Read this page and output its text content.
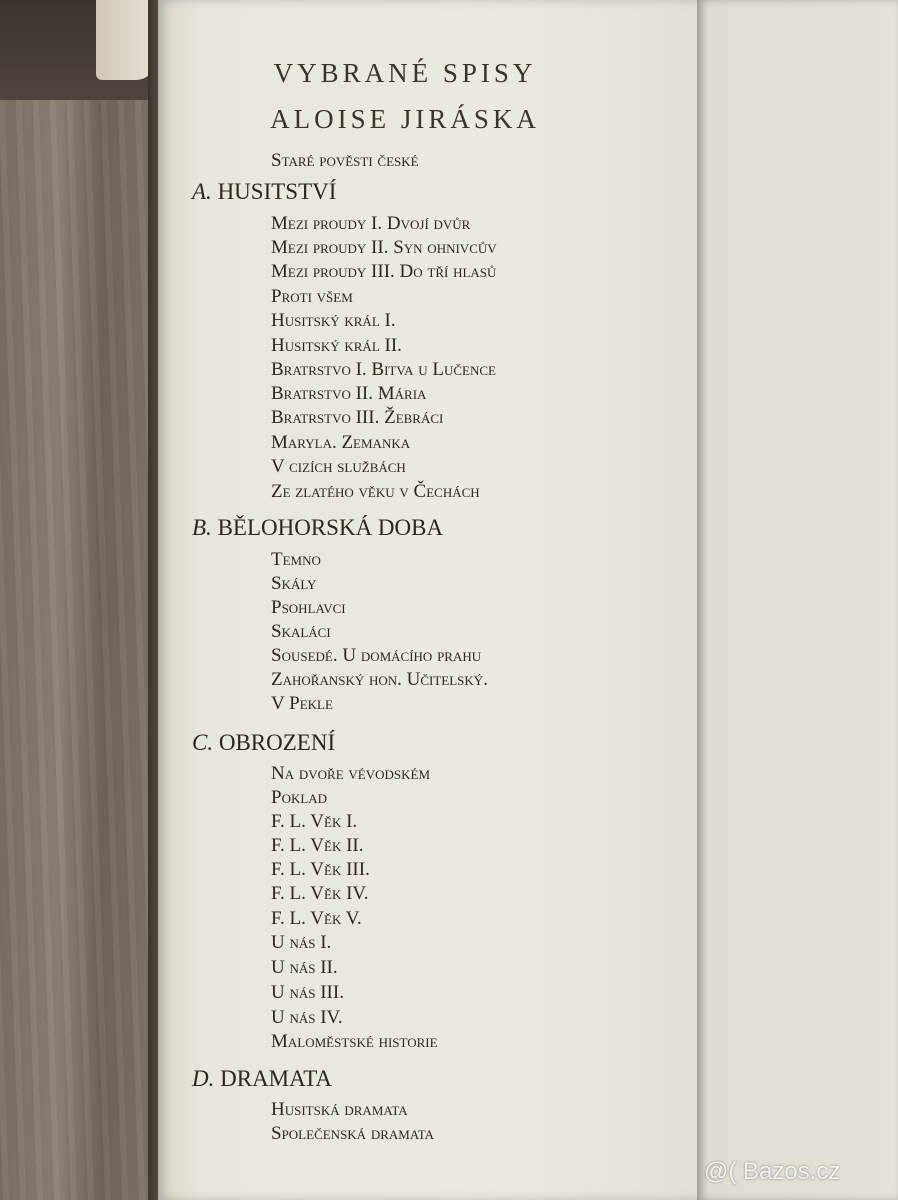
VYBRANÉ SPISY
ALOISE JIRÁSKA
Staré pověsti české
A. HUSITSTVÍ
Mezi proudy I. Dvojí dvůr
Mezi proudy II. Syn ohnivcův
Mezi proudy III. Do tří hlasů
Proti všem
Husitský král I.
Husitský král II.
Bratrstvo I. Bitva u Lučence
Bratrstvo II. Mária
Bratrstvo III. Žebráci
Maryla. Zemanka
V cizích službách
Ze zlatého věku v Čechách
B. BĚLOHORSKÁ DOBA
Temno
Skály
Psohlavci
Skaláci
Sousedé. U domácího prahu
Zahořanský hon. Učitelský.
V Pekle
C. OBROZENÍ
Na dvoře vévodském
Poklad
F. L. Věk I.
F. L. Věk II.
F. L. Věk III.
F. L. Věk IV.
F. L. Věk V.
U nás I.
U nás II.
U nás III.
U nás IV.
Maloměstské historie
D. DRAMATA
Husitská dramata
Společenská dramata
@( Bazos.cz
